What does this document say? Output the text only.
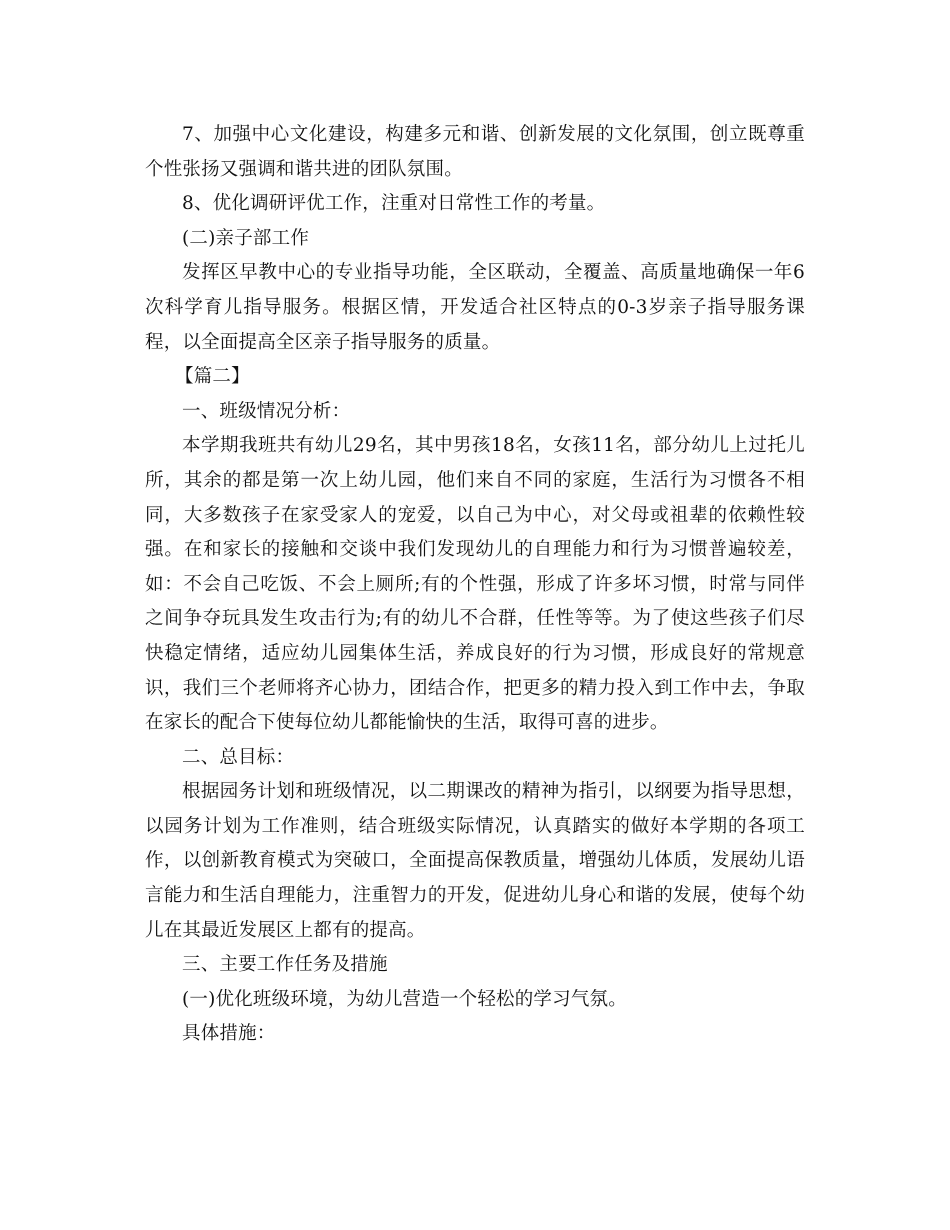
7、加强中心文化建设，构建多元和谐、创新发展的文化氛围，创立既尊重个性张扬又强调和谐共进的团队氛围。

8、优化调研评优工作，注重对日常性工作的考量。

(二)亲子部工作

发挥区早教中心的专业指导功能，全区联动，全覆盖、高质量地确保一年6次科学育儿指导服务。根据区情，开发适合社区特点的0-3岁亲子指导服务课程，以全面提高全区亲子指导服务的质量。

【篇二】

一、班级情况分析：

本学期我班共有幼儿29名，其中男孩18名，女孩11名，部分幼儿上过托儿所，其余的都是第一次上幼儿园，他们来自不同的家庭，生活行为习惯各不相同，大多数孩子在家受家人的宠爱，以自己为中心，对父母或祖辈的依赖性较强。在和家长的接触和交谈中我们发现幼儿的自理能力和行为习惯普遍较差，如：不会自己吃饭、不会上厕所;有的个性强，形成了许多坏习惯，时常与同伴之间争夺玩具发生攻击行为;有的幼儿不合群，任性等等。为了使这些孩子们尽快稳定情绪，适应幼儿园集体生活，养成良好的行为习惯，形成良好的常规意识，我们三个老师将齐心协力，团结合作，把更多的精力投入到工作中去，争取在家长的配合下使每位幼儿都能愉快的生活，取得可喜的进步。

二、总目标：

根据园务计划和班级情况，以二期课改的精神为指引，以纲要为指导思想，以园务计划为工作准则，结合班级实际情况，认真踏实的做好本学期的各项工作，以创新教育模式为突破口，全面提高保教质量，增强幼儿体质，发展幼儿语言能力和生活自理能力，注重智力的开发，促进幼儿身心和谐的发展，使每个幼儿在其最近发展区上都有的提高。

三、主要工作任务及措施

(一)优化班级环境，为幼儿营造一个轻松的学习气氛。

具体措施：
